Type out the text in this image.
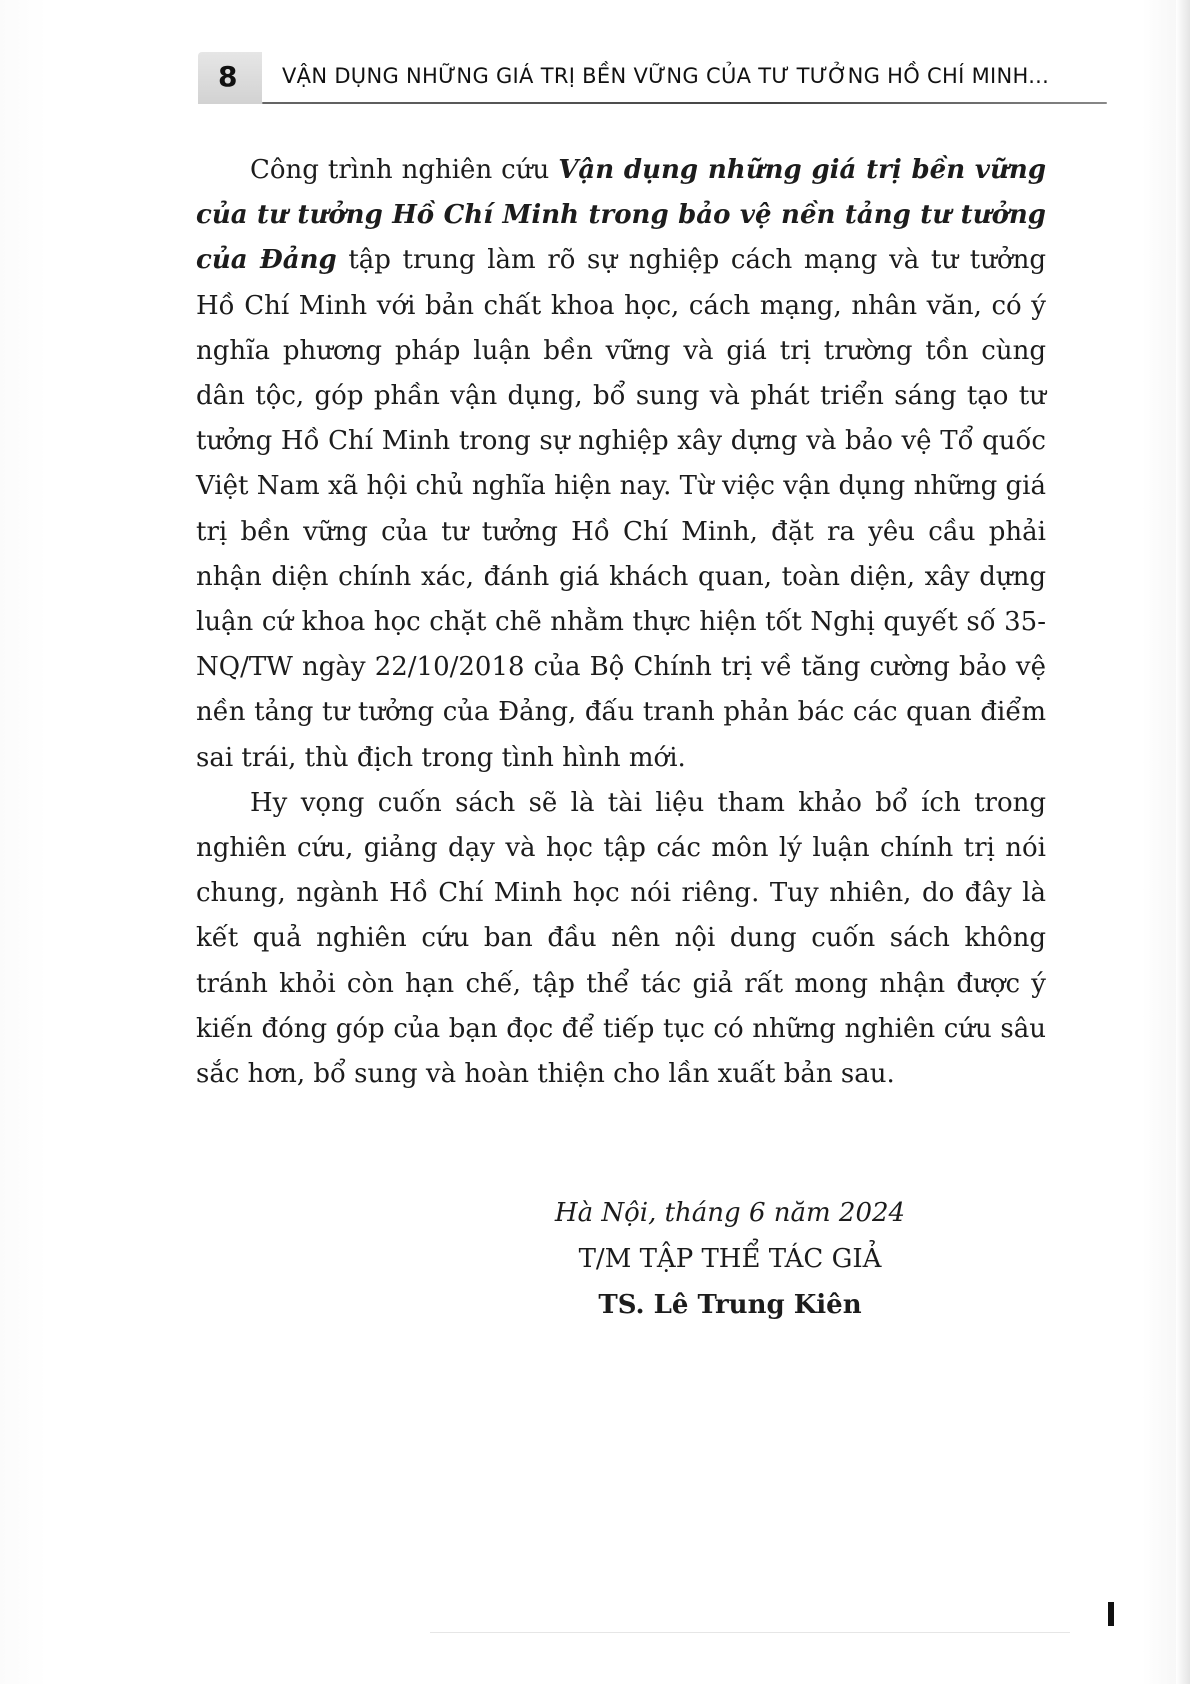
8 VẬN DỤNG NHỮNG GIÁ TRỊ BỀN VỮNG CỦA TƯ TƯỞNG HỒ CHÍ MINH...

Công trình nghiên cứu Vận dụng những giá trị bền vững của tư tưởng Hồ Chí Minh trong bảo vệ nền tảng tư tưởng của Đảng tập trung làm rõ sự nghiệp cách mạng và tư tưởng Hồ Chí Minh với bản chất khoa học, cách mạng, nhân văn, có ý nghĩa phương pháp luận bền vững và giá trị trường tồn cùng dân tộc, góp phần vận dụng, bổ sung và phát triển sáng tạo tư tưởng Hồ Chí Minh trong sự nghiệp xây dựng và bảo vệ Tổ quốc Việt Nam xã hội chủ nghĩa hiện nay. Từ việc vận dụng những giá trị bền vững của tư tưởng Hồ Chí Minh, đặt ra yêu cầu phải nhận diện chính xác, đánh giá khách quan, toàn diện, xây dựng luận cứ khoa học chặt chẽ nhằm thực hiện tốt Nghị quyết số 35-NQ/TW ngày 22/10/2018 của Bộ Chính trị về tăng cường bảo vệ nền tảng tư tưởng của Đảng, đấu tranh phản bác các quan điểm sai trái, thù địch trong tình hình mới.

Hy vọng cuốn sách sẽ là tài liệu tham khảo bổ ích trong nghiên cứu, giảng dạy và học tập các môn lý luận chính trị nói chung, ngành Hồ Chí Minh học nói riêng. Tuy nhiên, do đây là kết quả nghiên cứu ban đầu nên nội dung cuốn sách không tránh khỏi còn hạn chế, tập thể tác giả rất mong nhận được ý kiến đóng góp của bạn đọc để tiếp tục có những nghiên cứu sâu sắc hơn, bổ sung và hoàn thiện cho lần xuất bản sau.

Hà Nội, tháng 6 năm 2024
T/M TẬP THỂ TÁC GIẢ
TS. Lê Trung Kiên
